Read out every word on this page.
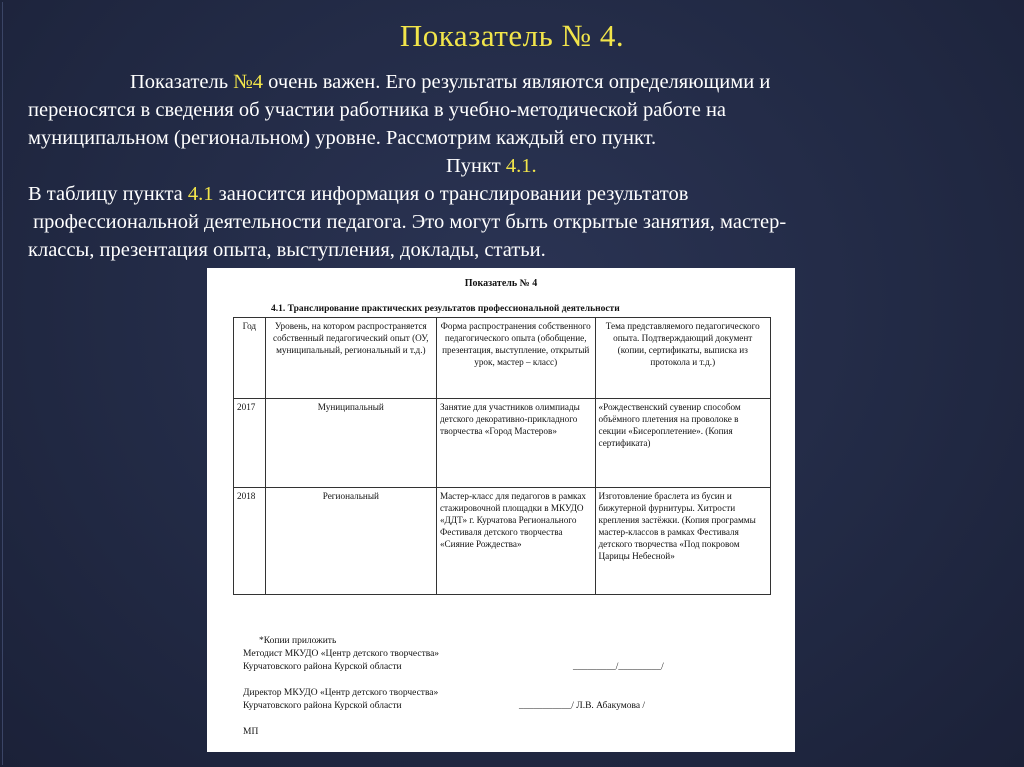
Показатель № 4.

Показатель №4 очень важен. Его результаты являются определяющими и

переносятся в сведения об участии работника в учебно-методической работе на

муниципальном (региональном) уровне. Рассмотрим каждый его пункт.

Пункт 4.1.

В таблицу пункта 4.1 заносится информация о транслировании результатов

профессиональной деятельности педагога. Это могут быть открытые занятия, мастер-

классы, презентация опыта, выступления, доклады, статьи.

Показатель № 4
4.1. Транслирование практических результатов профессиональной деятельности
Год	Уровень, на котором распространяется собственный педагогический опыт (ОУ, муниципальный, региональный и т.д.)	Форма распространения собственного педагогического опыта (обобщение, презентация, выступление, открытый урок, мастер – класс)	Тема представляемого педагогического опыта. Подтверждающий документ (копии, сертификаты, выписка из протокола и т.д.)
2017	Муниципальный	Занятие для участников олимпиады детского декоративно-прикладного творчества «Город Мастеров»	«Рождественский сувенир способом объёмного плетения на проволоке в секции «Бисероплетение». (Копия сертификата)
2018	Региональный	Мастер-класс для педагогов в рамках стажировочной площадки в МКУДО «ДДТ» г. Курчатова Регионального Фестиваля детского творчества «Сияние Рождества»	Изготовление браслета из бусин и бижутерной фурнитуры. Хитрости крепления застёжки. (Копия программы мастер-классов в рамках Фестиваля детского творчества «Под покровом Царицы Небесной»
*Копии приложить
Методист МКУДО «Центр детского творчества»
Курчатовского района Курской области	_________/_________/
Директор МКУДО «Центр детского творчества»
Курчатовского района Курской области	___________/ Л.В. Абакумова /
МП
